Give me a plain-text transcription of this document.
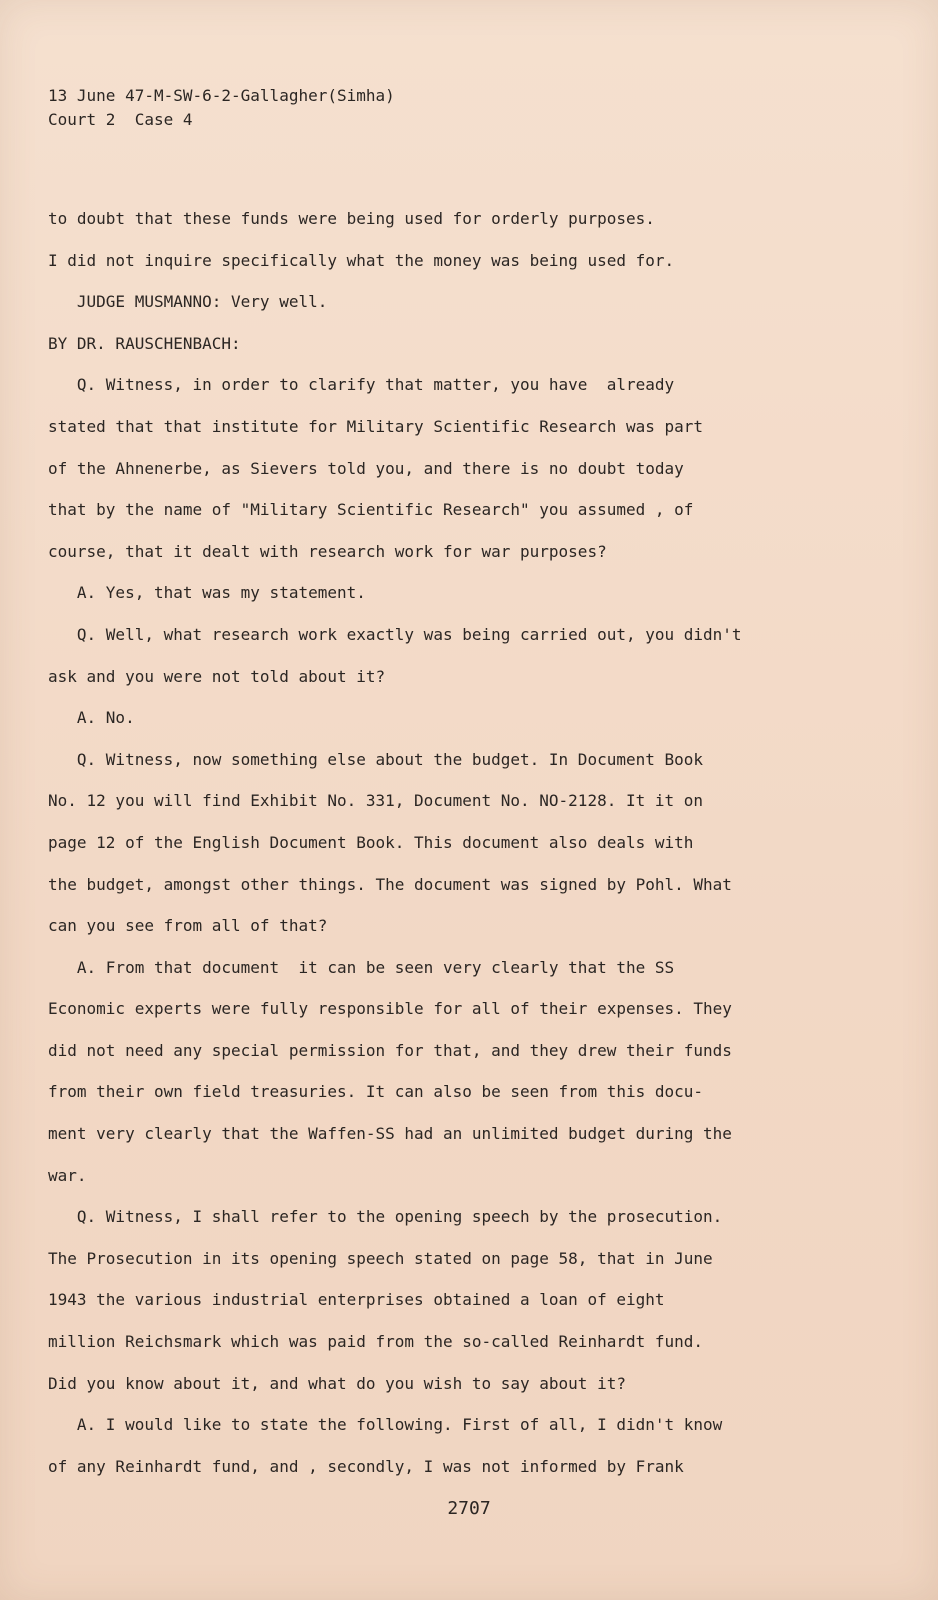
13 June 47-M-SW-6-2-Gallagher(Simha)
Court 2  Case 4
to doubt that these funds were being used for orderly purposes.
I did not inquire specifically what the money was being used for.
JUDGE MUSMANNO: Very well.
BY DR. RAUSCHENBACH:
Q. Witness, in order to clarify that matter, you have  already
stated that that institute for Military Scientific Research was part
of the Ahnenerbe, as Sievers told you, and there is no doubt today
that by the name of "Military Scientific Research" you assumed , of
course, that it dealt with research work for war purposes?
A. Yes, that was my statement.
Q. Well, what research work exactly was being carried out, you didn't
ask and you were not told about it?
A. No.
Q. Witness, now something else about the budget. In Document Book
No. 12 you will find Exhibit No. 331, Document No. NO-2128. It it on
page 12 of the English Document Book. This document also deals with
the budget, amongst other things. The document was signed by Pohl. What
can you see from all of that?
A. From that document  it can be seen very clearly that the SS
Economic experts were fully responsible for all of their expenses. They
did not need any special permission for that, and they drew their funds
from their own field treasuries. It can also be seen from this docu-
ment very clearly that the Waffen-SS had an unlimited budget during the
war.
Q. Witness, I shall refer to the opening speech by the prosecution.
The Prosecution in its opening speech stated on page 58, that in June
1943 the various industrial enterprises obtained a loan of eight
million Reichsmark which was paid from the so-called Reinhardt fund.
Did you know about it, and what do you wish to say about it?
A. I would like to state the following. First of all, I didn't know
of any Reinhardt fund, and , secondly, I was not informed by Frank
2707
